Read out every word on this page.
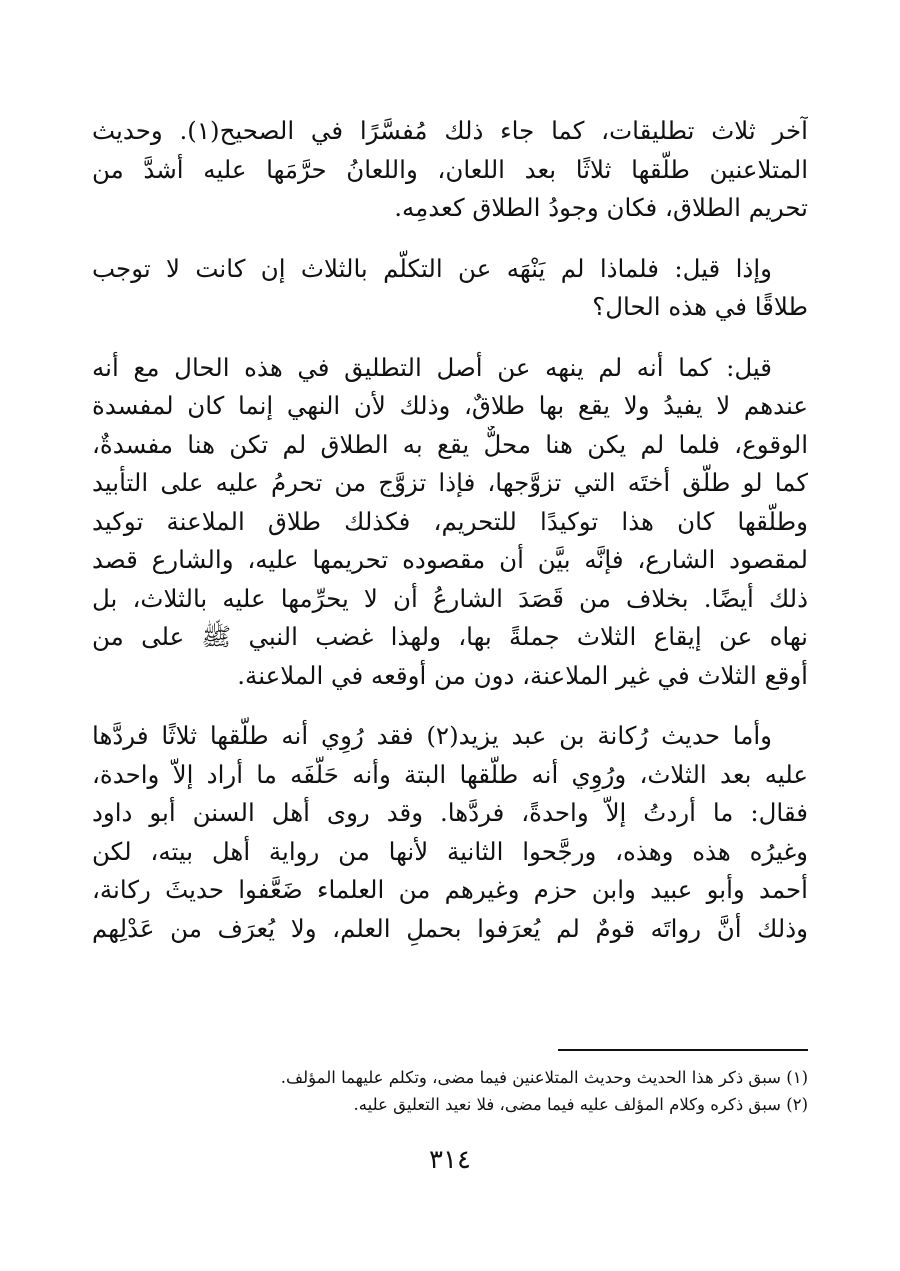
آخر ثلاث تطليقات، كما جاء ذلك مُفسَّرًا في الصحيح(١). وحديث
المتلاعنين طلَّقها ثلاثًا بعد اللعان، واللعانُ حرَّمَها عليه أشدَّ من
تحريم الطلاق، فكان وجودُ الطلاق كعدمِه.

وإذا قيل: فلماذا لم يَنْهَه عن التكلُّم بالثلاث إن كانت لا توجب
طلاقًا في هذه الحال؟

قيل: كما أنه لم ينهه عن أصل التطليق في هذه الحال مع أنه
عندهم لا يفيدُ ولا يقع بها طلاقٌ، وذلك لأن النهي إنما كان لمفسدة
الوقوع، فلما لم يكن هنا محلٌّ يقع به الطلاق لم تكن هنا مفسدةٌ،
كما لو طلَّق أختَه التي تزوَّجها، فإذا تزوَّج من تحرمُ عليه على التأبيد
وطلَّقها كان هذا توكيدًا للتحريم، فكذلك طلاق الملاعنة توكيد
لمقصود الشارع، فإنَّه بيَّن أن مقصوده تحريمها عليه، والشارع قصد
ذلك أيضًا. بخلاف من قَصَدَ الشارعُ أن لا يحرِّمها عليه بالثلاث، بل
نهاه عن إيقاع الثلاث جملةً بها، ولهذا غضب النبي ﷺ على من
أوقع الثلاث في غير الملاعنة، دون من أوقعه في الملاعنة.

وأما حديث رُكانة بن عبد يزيد(٢) فقد رُوِي أنه طلَّقها ثلاثًا فردَّها
عليه بعد الثلاث، ورُوِي أنه طلَّقها البتة وأنه حَلَّفَه ما أراد إلاّ واحدة،
فقال: ما أردتُ إلاّ واحدةً، فردَّها. وقد روى أهل السنن أبو داود
وغيرُه هذه وهذه، ورجَّحوا الثانية لأنها من رواية أهل بيته، لكن
أحمد وأبو عبيد وابن حزم وغيرهم من العلماء ضَعَّفوا حديثَ ركانة،
وذلك أنَّ رواتَه قومٌ لم يُعرَفوا بحملِ العلم، ولا يُعرَف من عَدْلِهم

(١) سبق ذكر هذا الحديث وحديث المتلاعنين فيما مضى، وتكلم عليهما المؤلف.
(٢) سبق ذكره وكلام المؤلف عليه فيما مضى، فلا نعيد التعليق عليه.
٣١٤
